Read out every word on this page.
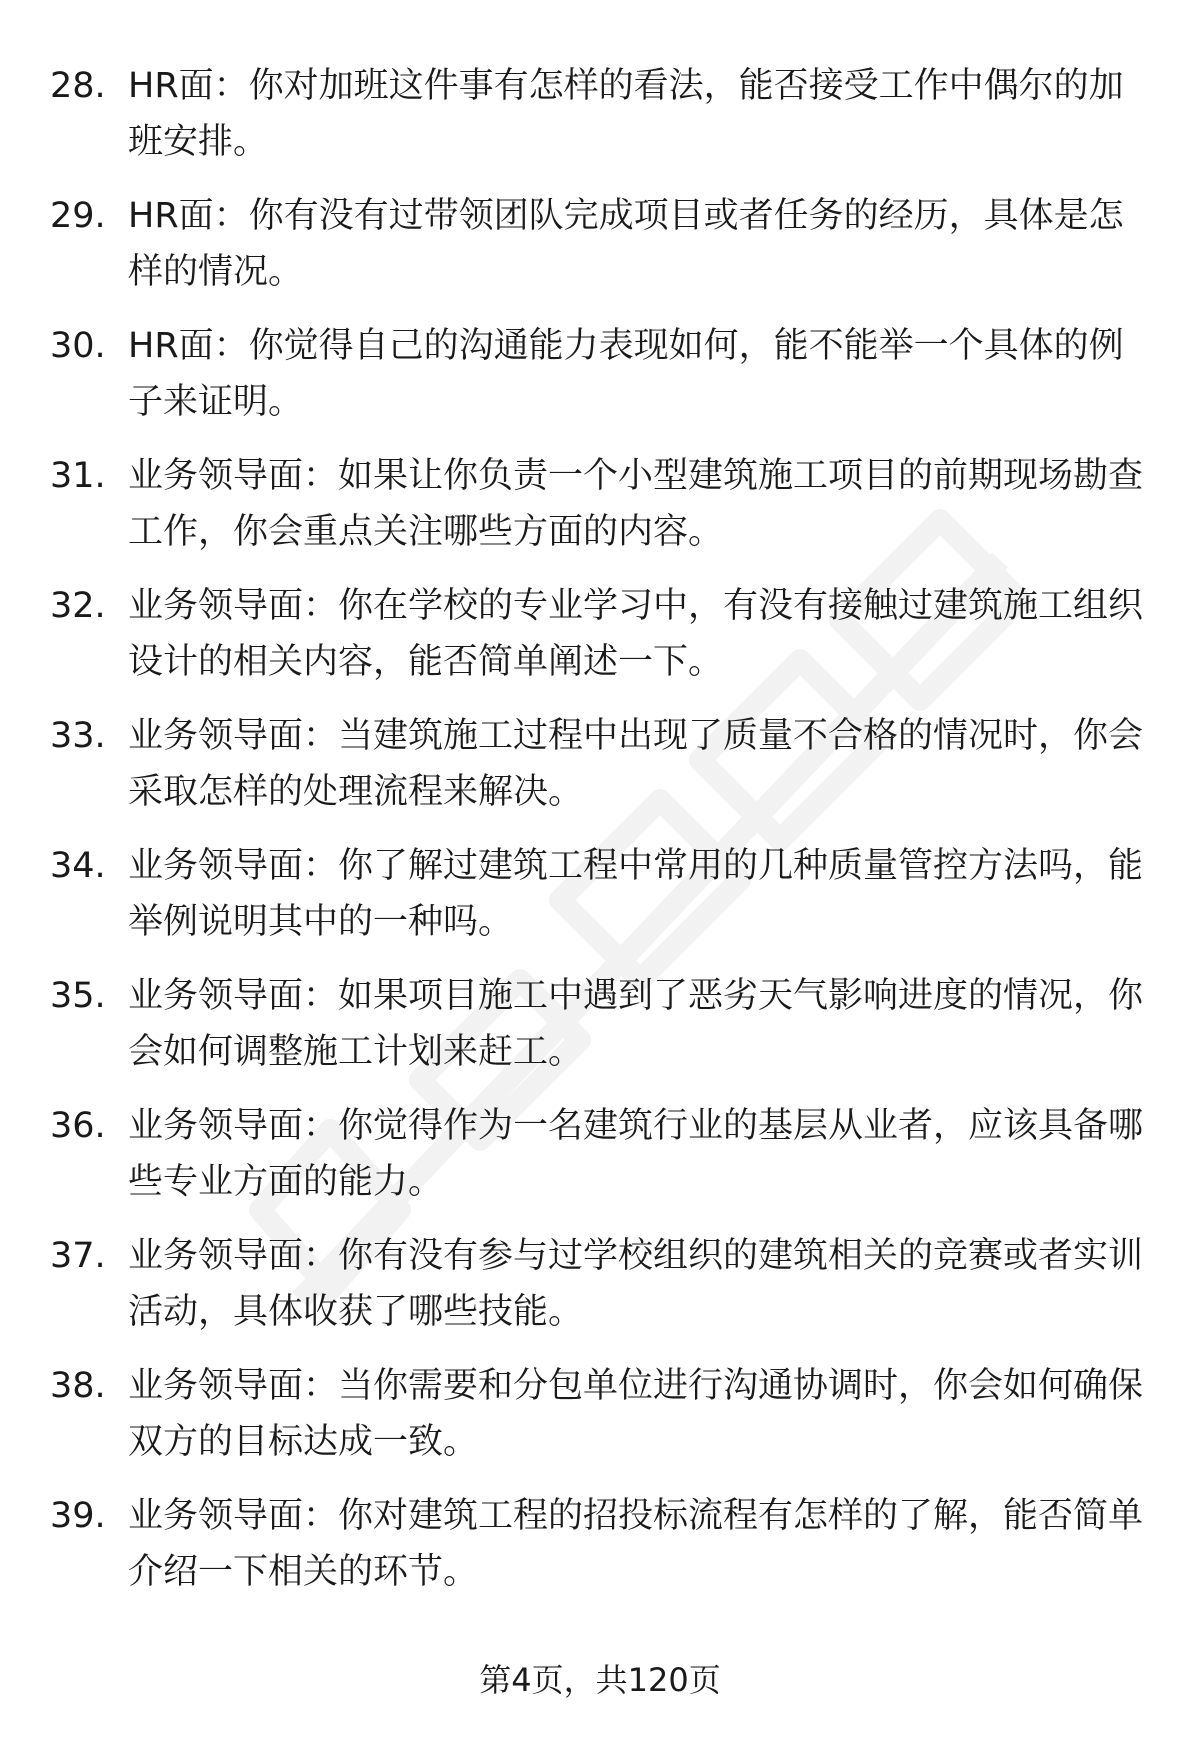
28. HR面：你对加班这件事有怎样的看法，能否接受工作中偶尔的加班安排。
29. HR面：你有没有过带领团队完成项目或者任务的经历，具体是怎样的情况。
30. HR面：你觉得自己的沟通能力表现如何，能不能举一个具体的例子来证明。
31. 业务领导面：如果让你负责一个小型建筑施工项目的前期现场勘查工作，你会重点关注哪些方面的内容。
32. 业务领导面：你在学校的专业学习中，有没有接触过建筑施工组织设计的相关内容，能否简单阐述一下。
33. 业务领导面：当建筑施工过程中出现了质量不合格的情况时，你会采取怎样的处理流程来解决。
34. 业务领导面：你了解过建筑工程中常用的几种质量管控方法吗，能举例说明其中的一种吗。
35. 业务领导面：如果项目施工中遇到了恶劣天气影响进度的情况，你会如何调整施工计划来赶工。
36. 业务领导面：你觉得作为一名建筑行业的基层从业者，应该具备哪些专业方面的能力。
37. 业务领导面：你有没有参与过学校组织的建筑相关的竞赛或者实训活动，具体收获了哪些技能。
38. 业务领导面：当你需要和分包单位进行沟通协调时，你会如何确保双方的目标达成一致。
39. 业务领导面：你对建筑工程的招投标流程有怎样的了解，能否简单介绍一下相关的环节。
第4页，共120页
